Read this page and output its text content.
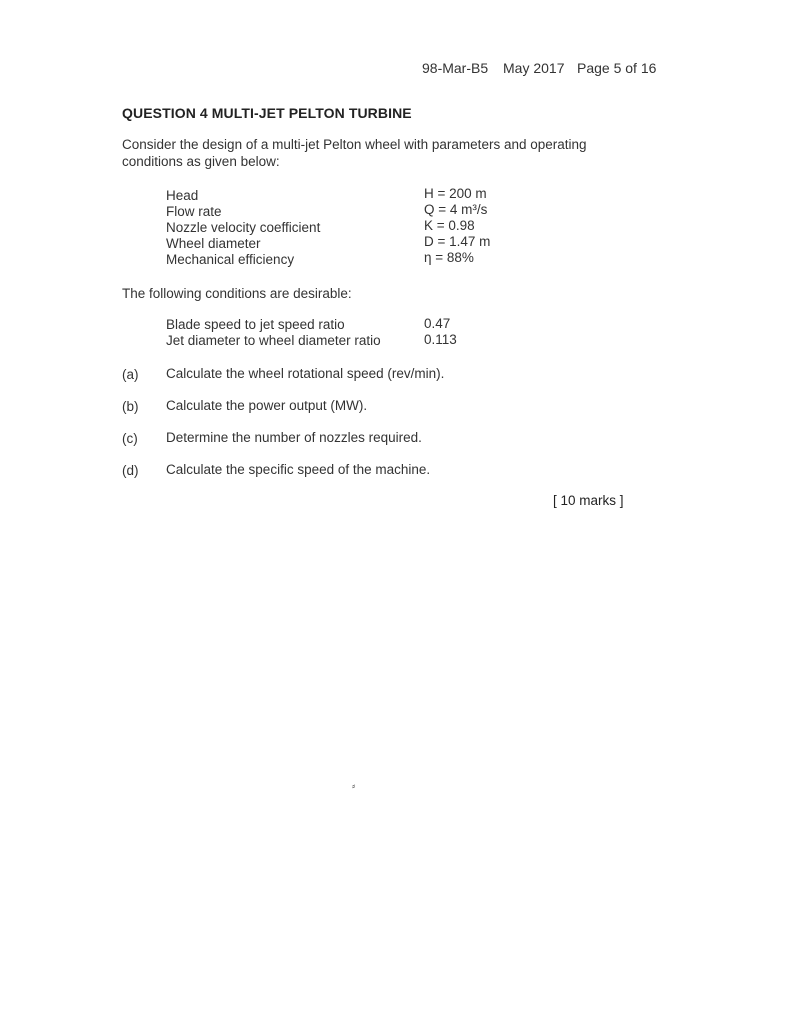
98-Mar-B5 May 2017 Page 5 of 16
QUESTION 4 MULTI-JET PELTON TURBINE
Consider the design of a multi-jet Pelton wheel with parameters and operating
conditions as given below:
Head	H = 200 m
Flow rate	Q = 4 m³/s
Nozzle velocity coefficient	K = 0.98
Wheel diameter	D = 1.47 m
Mechanical efficiency	η = 88%
The following conditions are desirable:
Blade speed to jet speed ratio	0.47
Jet diameter to wheel diameter ratio	0.113
(a) Calculate the wheel rotational speed (rev/min).
(b) Calculate the power output (MW).
(c) Determine the number of nozzles required.
(d) Calculate the specific speed of the machine.
[ 10 marks ]
⸗
